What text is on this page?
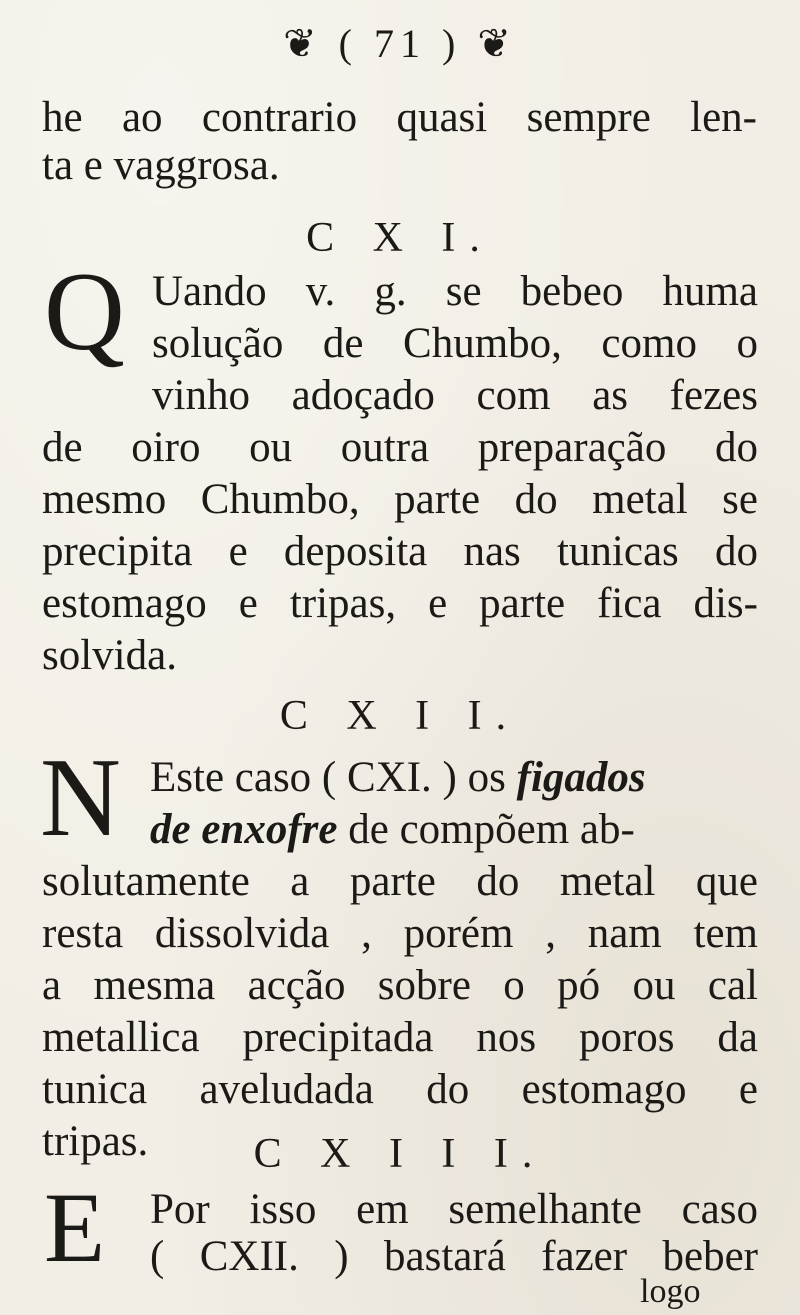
❦ ( 71 ) ❦
he ao contrario quasi sempre len-
ta e vaggrosa.
C X I.
Q Uando v. g. se bebeo huma
solução de Chumbo, como o
vinho adoçado com as fezes
de oiro ou outra preparação do
mesmo Chumbo, parte do metal se
precipita e deposita nas tunicas do
estomago e tripas, e parte fica dis-
solvida.
C X I I.
N Este caso ( CXI. ) os figados
de enxofre de compõem ab-
solutamente a parte do metal que
resta dissolvida , porém , nam tem
a mesma acção sobre o pó ou cal
metallica precipitada nos poros da
tunica aveludada do estomago e
tripas.	C X I I I.
E Por isso em semelhante caso
( CXII. ) bastará fazer beber
logo
